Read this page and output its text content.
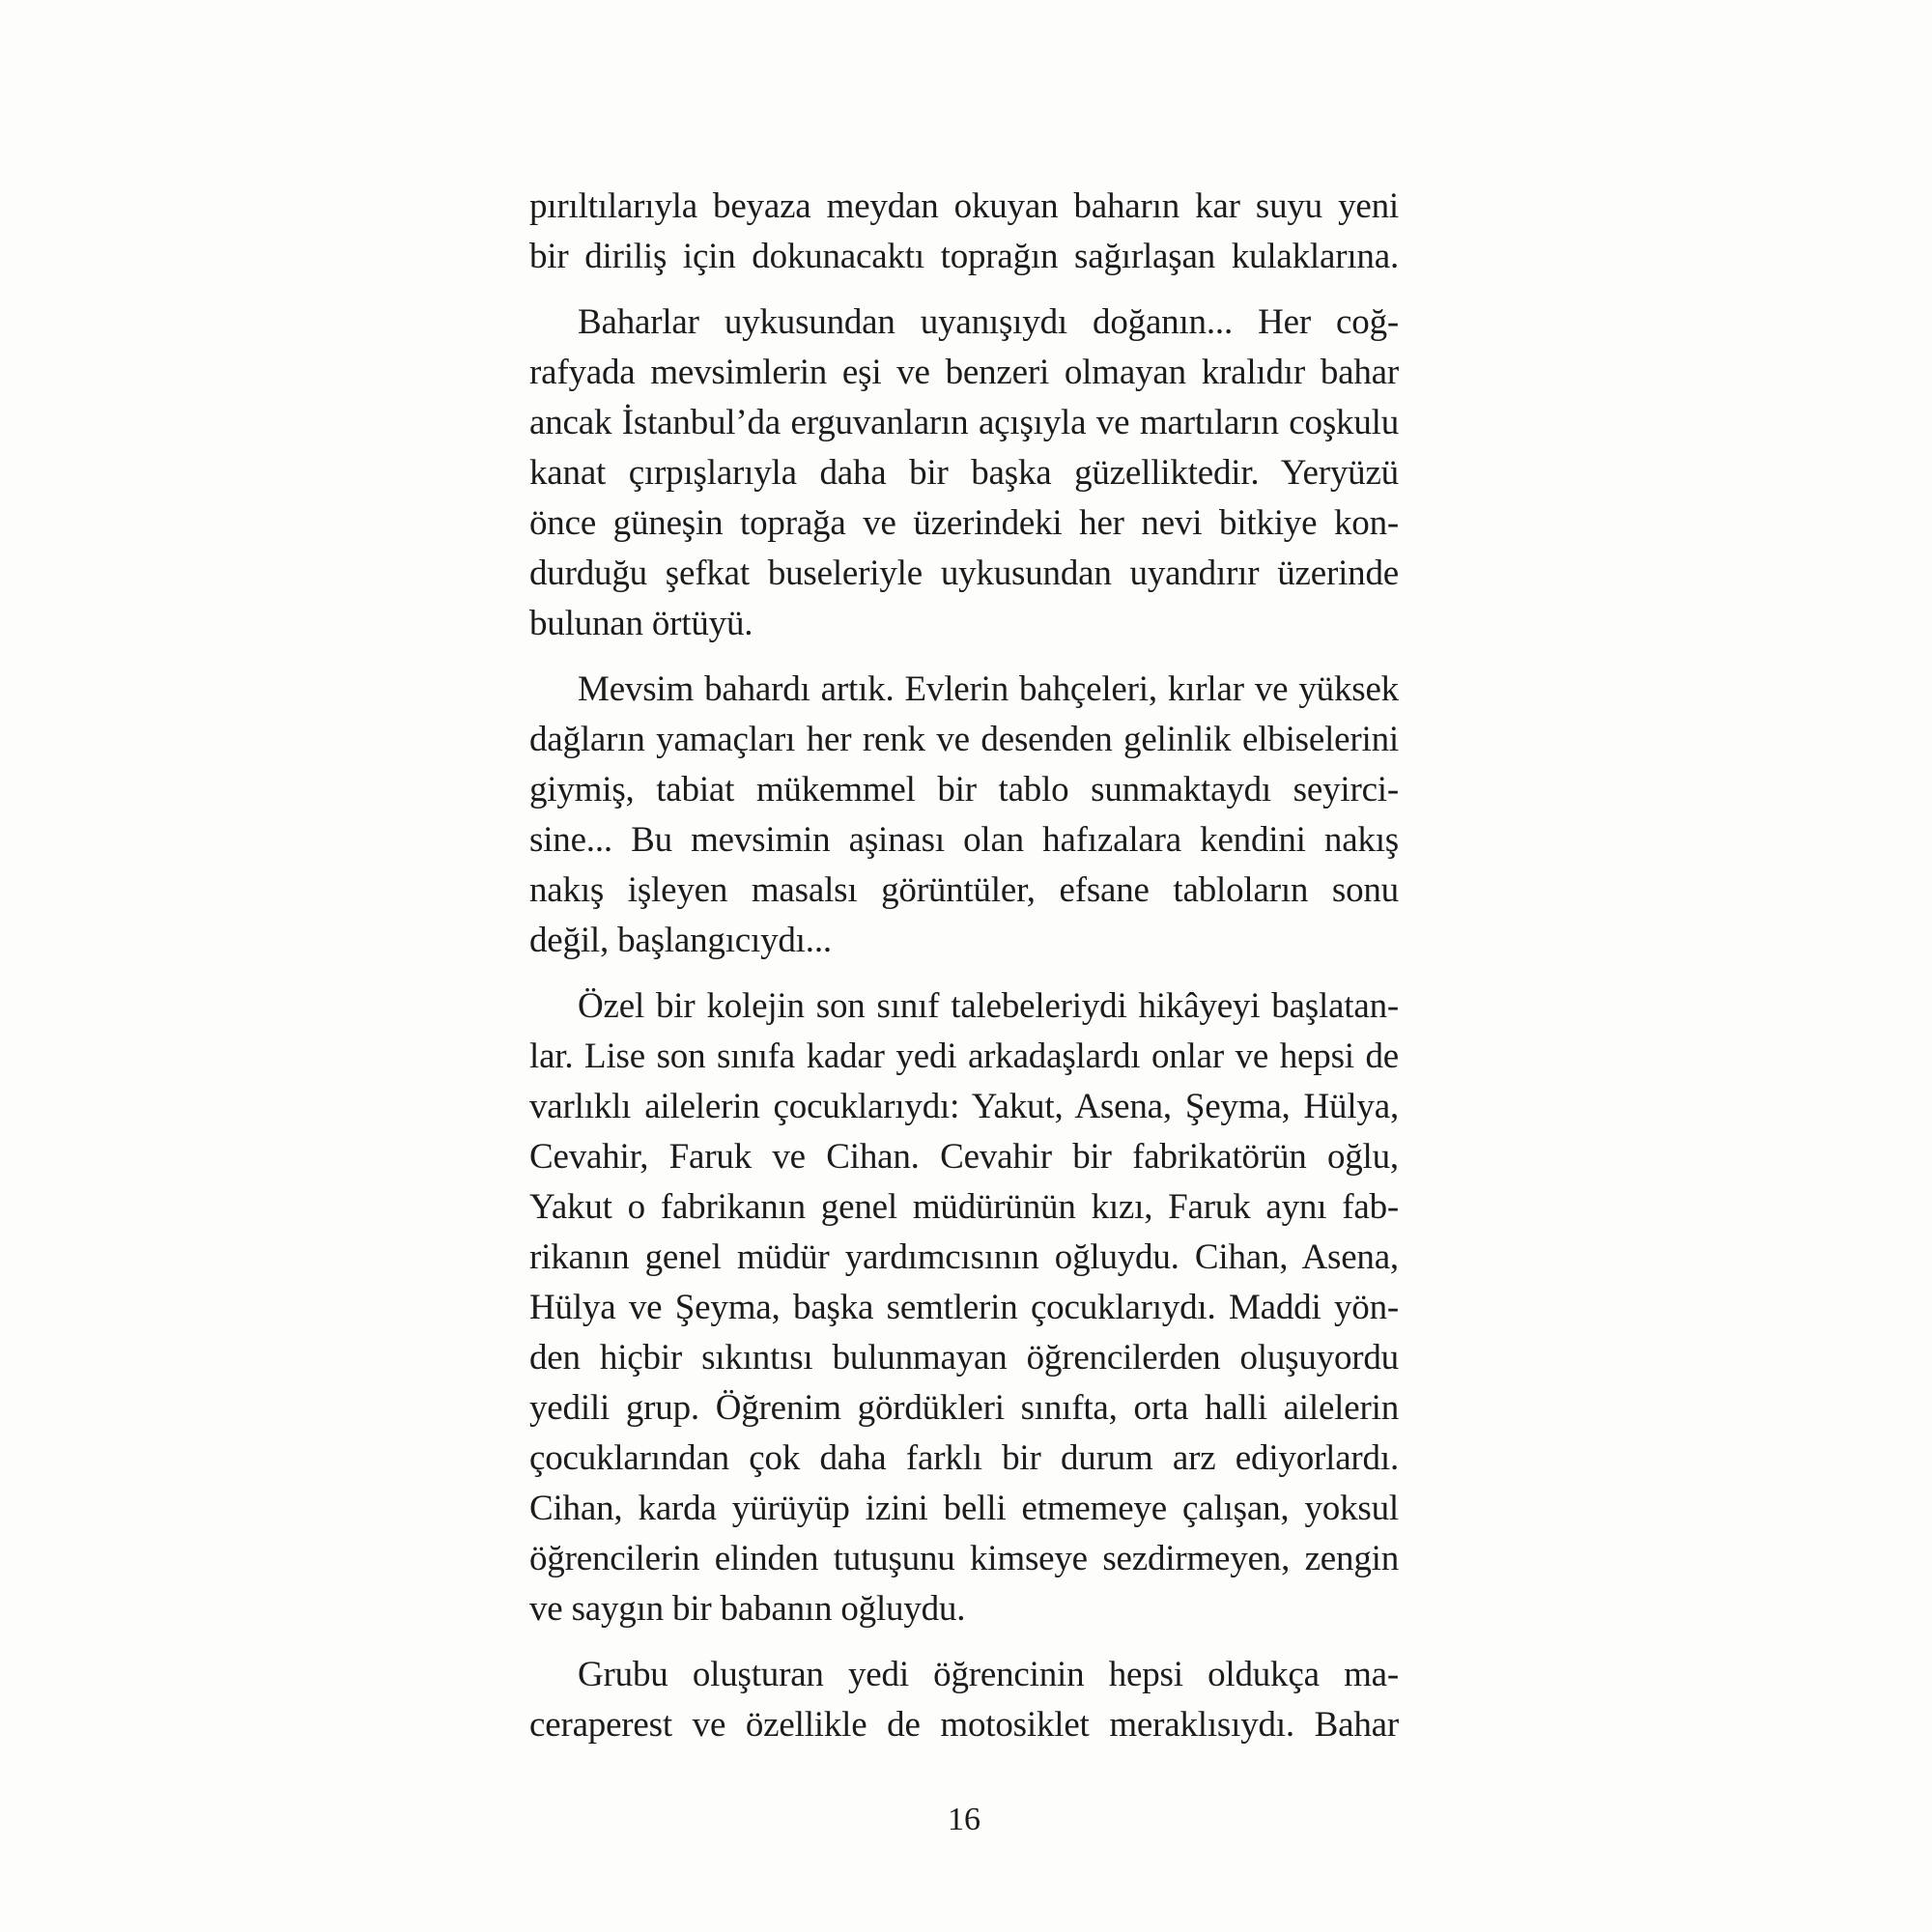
pırıltılarıyla beyaza meydan okuyan baharın kar suyu yeni
bir diriliş için dokunacaktı toprağın sağırlaşan kulaklarına.
Baharlar uykusundan uyanışıydı doğanın... Her coğ-
rafyada mevsimlerin eşi ve benzeri olmayan kralıdır bahar
ancak İstanbul’da erguvanların açışıyla ve martıların coşkulu
kanat çırpışlarıyla daha bir başka güzelliktedir. Yeryüzü
önce güneşin toprağa ve üzerindeki her nevi bitkiye kon-
durduğu şefkat buseleriyle uykusundan uyandırır üzerinde
bulunan örtüyü.
Mevsim bahardı artık. Evlerin bahçeleri, kırlar ve yüksek
dağların yamaçları her renk ve desenden gelinlik elbiselerini
giymiş, tabiat mükemmel bir tablo sunmaktaydı seyirci-
sine... Bu mevsimin aşinası olan hafızalara kendini nakış
nakış işleyen masalsı görüntüler, efsane tabloların sonu
değil, başlangıcıydı...
Özel bir kolejin son sınıf talebeleriydi hikâyeyi başlatan-
lar. Lise son sınıfa kadar yedi arkadaşlardı onlar ve hepsi de
varlıklı ailelerin çocuklarıydı: Yakut, Asena, Şeyma, Hülya,
Cevahir, Faruk ve Cihan. Cevahir bir fabrikatörün oğlu,
Yakut o fabrikanın genel müdürünün kızı, Faruk aynı fab-
rikanın genel müdür yardımcısının oğluydu. Cihan, Asena,
Hülya ve Şeyma, başka semtlerin çocuklarıydı. Maddi yön-
den hiçbir sıkıntısı bulunmayan öğrencilerden oluşuyordu
yedili grup. Öğrenim gördükleri sınıfta, orta halli ailelerin
çocuklarından çok daha farklı bir durum arz ediyorlardı.
Cihan, karda yürüyüp izini belli etmemeye çalışan, yoksul
öğrencilerin elinden tutuşunu kimseye sezdirmeyen, zengin
ve saygın bir babanın oğluydu.
Grubu oluşturan yedi öğrencinin hepsi oldukça ma-
ceraperest ve özellikle de motosiklet meraklısıydı. Bahar
16
